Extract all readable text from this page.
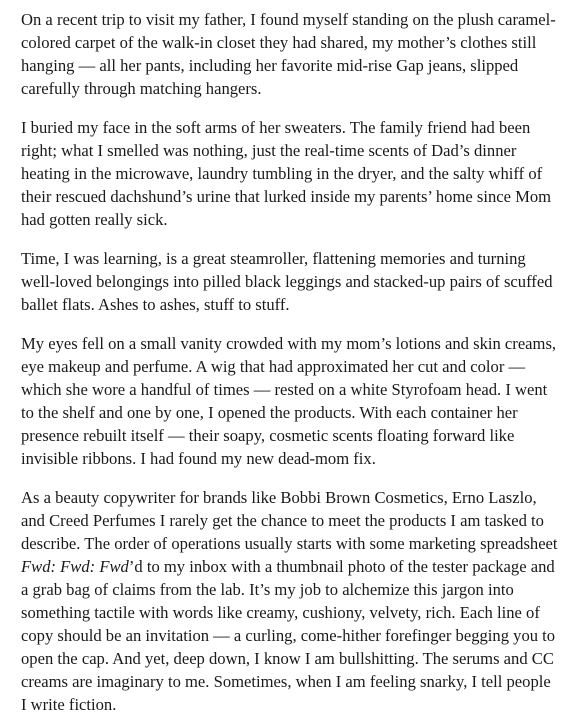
On a recent trip to visit my father, I found myself standing on the plush caramel-colored carpet of the walk-in closet they had shared, my mother’s clothes still hanging — all her pants, including her favorite mid-rise Gap jeans, slipped carefully through matching hangers.

I buried my face in the soft arms of her sweaters. The family friend had been right; what I smelled was nothing, just the real-time scents of Dad’s dinner heating in the microwave, laundry tumbling in the dryer, and the salty whiff of their rescued dachshund’s urine that lurked inside my parents’ home since Mom had gotten really sick.

Time, I was learning, is a great steamroller, flattening memories and turning well-loved belongings into pilled black leggings and stacked-up pairs of scuffed ballet flats. Ashes to ashes, stuff to stuff.

My eyes fell on a small vanity crowded with my mom’s lotions and skin creams, eye makeup and perfume. A wig that had approximated her cut and color — which she wore a handful of times — rested on a white Styrofoam head. I went to the shelf and one by one, I opened the products. With each container her presence rebuilt itself — their soapy, cosmetic scents floating forward like invisible ribbons. I had found my new dead-mom fix.

As a beauty copywriter for brands like Bobbi Brown Cosmetics, Erno Laszlo, and Creed Perfumes I rarely get the chance to meet the products I am tasked to describe. The order of operations usually starts with some marketing spreadsheet Fwd: Fwd: Fwd’d to my inbox with a thumbnail photo of the tester package and a grab bag of claims from the lab. It’s my job to alchemize this jargon into something tactile with words like creamy, cushiony, velvety, rich. Each line of copy should be an invitation — a curling, come-hither forefinger begging you to open the cap. And yet, deep down, I know I am bullshitting. The serums and CC creams are imaginary to me. Sometimes, when I am feeling snarky, I tell people I write fiction.
